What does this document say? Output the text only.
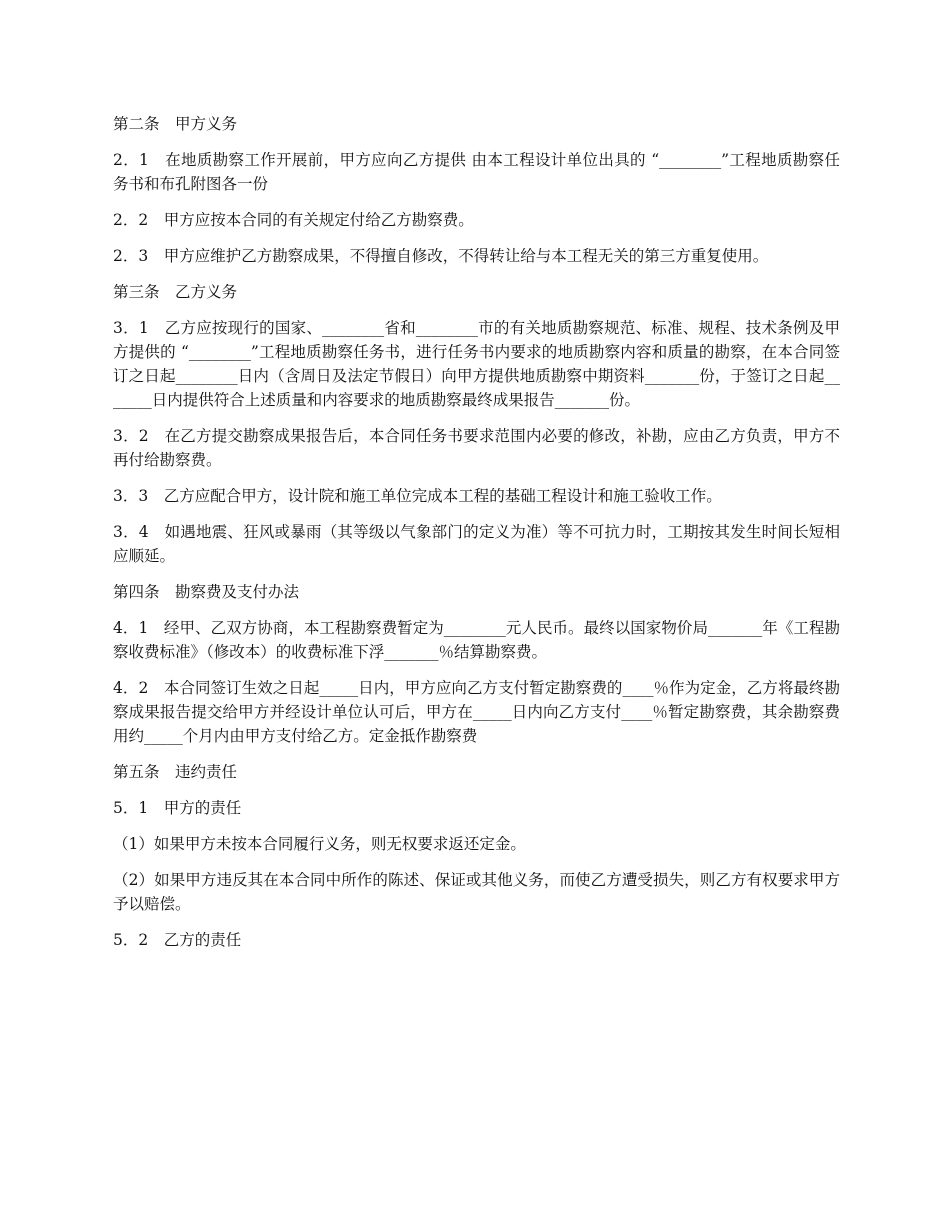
第二条　甲方义务

2．1　在地质勘察工作开展前，甲方应向乙方提供 由本工程设计单位出具的 “________”工程地质勘察任务书和布孔附图各一份

2．2　甲方应按本合同的有关规定付给乙方勘察费。

2．3　甲方应维护乙方勘察成果，不得擅自修改，不得转让给与本工程无关的第三方重复使用。

第三条　乙方义务

3．1　乙方应按现行的国家、________省和________市的有关地质勘察规范、标准、规程、技术条例及甲方提供的 “________”工程地质勘察任务书，进行任务书内要求的地质勘察内容和质量的勘察，在本合同签订之日起________日内（含周日及法定节假日）向甲方提供地质勘察中期资料_______份，于签订之日起_______日内提供符合上述质量和内容要求的地质勘察最终成果报告_______份。

3．2　在乙方提交勘察成果报告后，本合同任务书要求范围内必要的修改，补勘，应由乙方负责，甲方不再付给勘察费。

3．3　乙方应配合甲方，设计院和施工单位完成本工程的基础工程设计和施工验收工作。

3．4　如遇地震、狂风或暴雨（其等级以气象部门的定义为准）等不可抗力时，工期按其发生时间长短相应顺延。

第四条　勘察费及支付办法

4．1　经甲、乙双方协商，本工程勘察费暂定为________元人民币。最终以国家物价局_______年《工程勘察收费标准》（修改本）的收费标准下浮_______％结算勘察费。

4．2　本合同签订生效之日起_____日内，甲方应向乙方支付暂定勘察费的____％作为定金，乙方将最终勘察成果报告提交给甲方并经设计单位认可后，甲方在_____日内向乙方支付____％暂定勘察费，其余勘察费用约_____个月内由甲方支付给乙方。定金抵作勘察费

第五条　违约责任

5．1　甲方的责任

（1）如果甲方未按本合同履行义务，则无权要求返还定金。

（2）如果甲方违反其在本合同中所作的陈述、保证或其他义务，而使乙方遭受损失，则乙方有权要求甲方予以赔偿。

5．2　乙方的责任
